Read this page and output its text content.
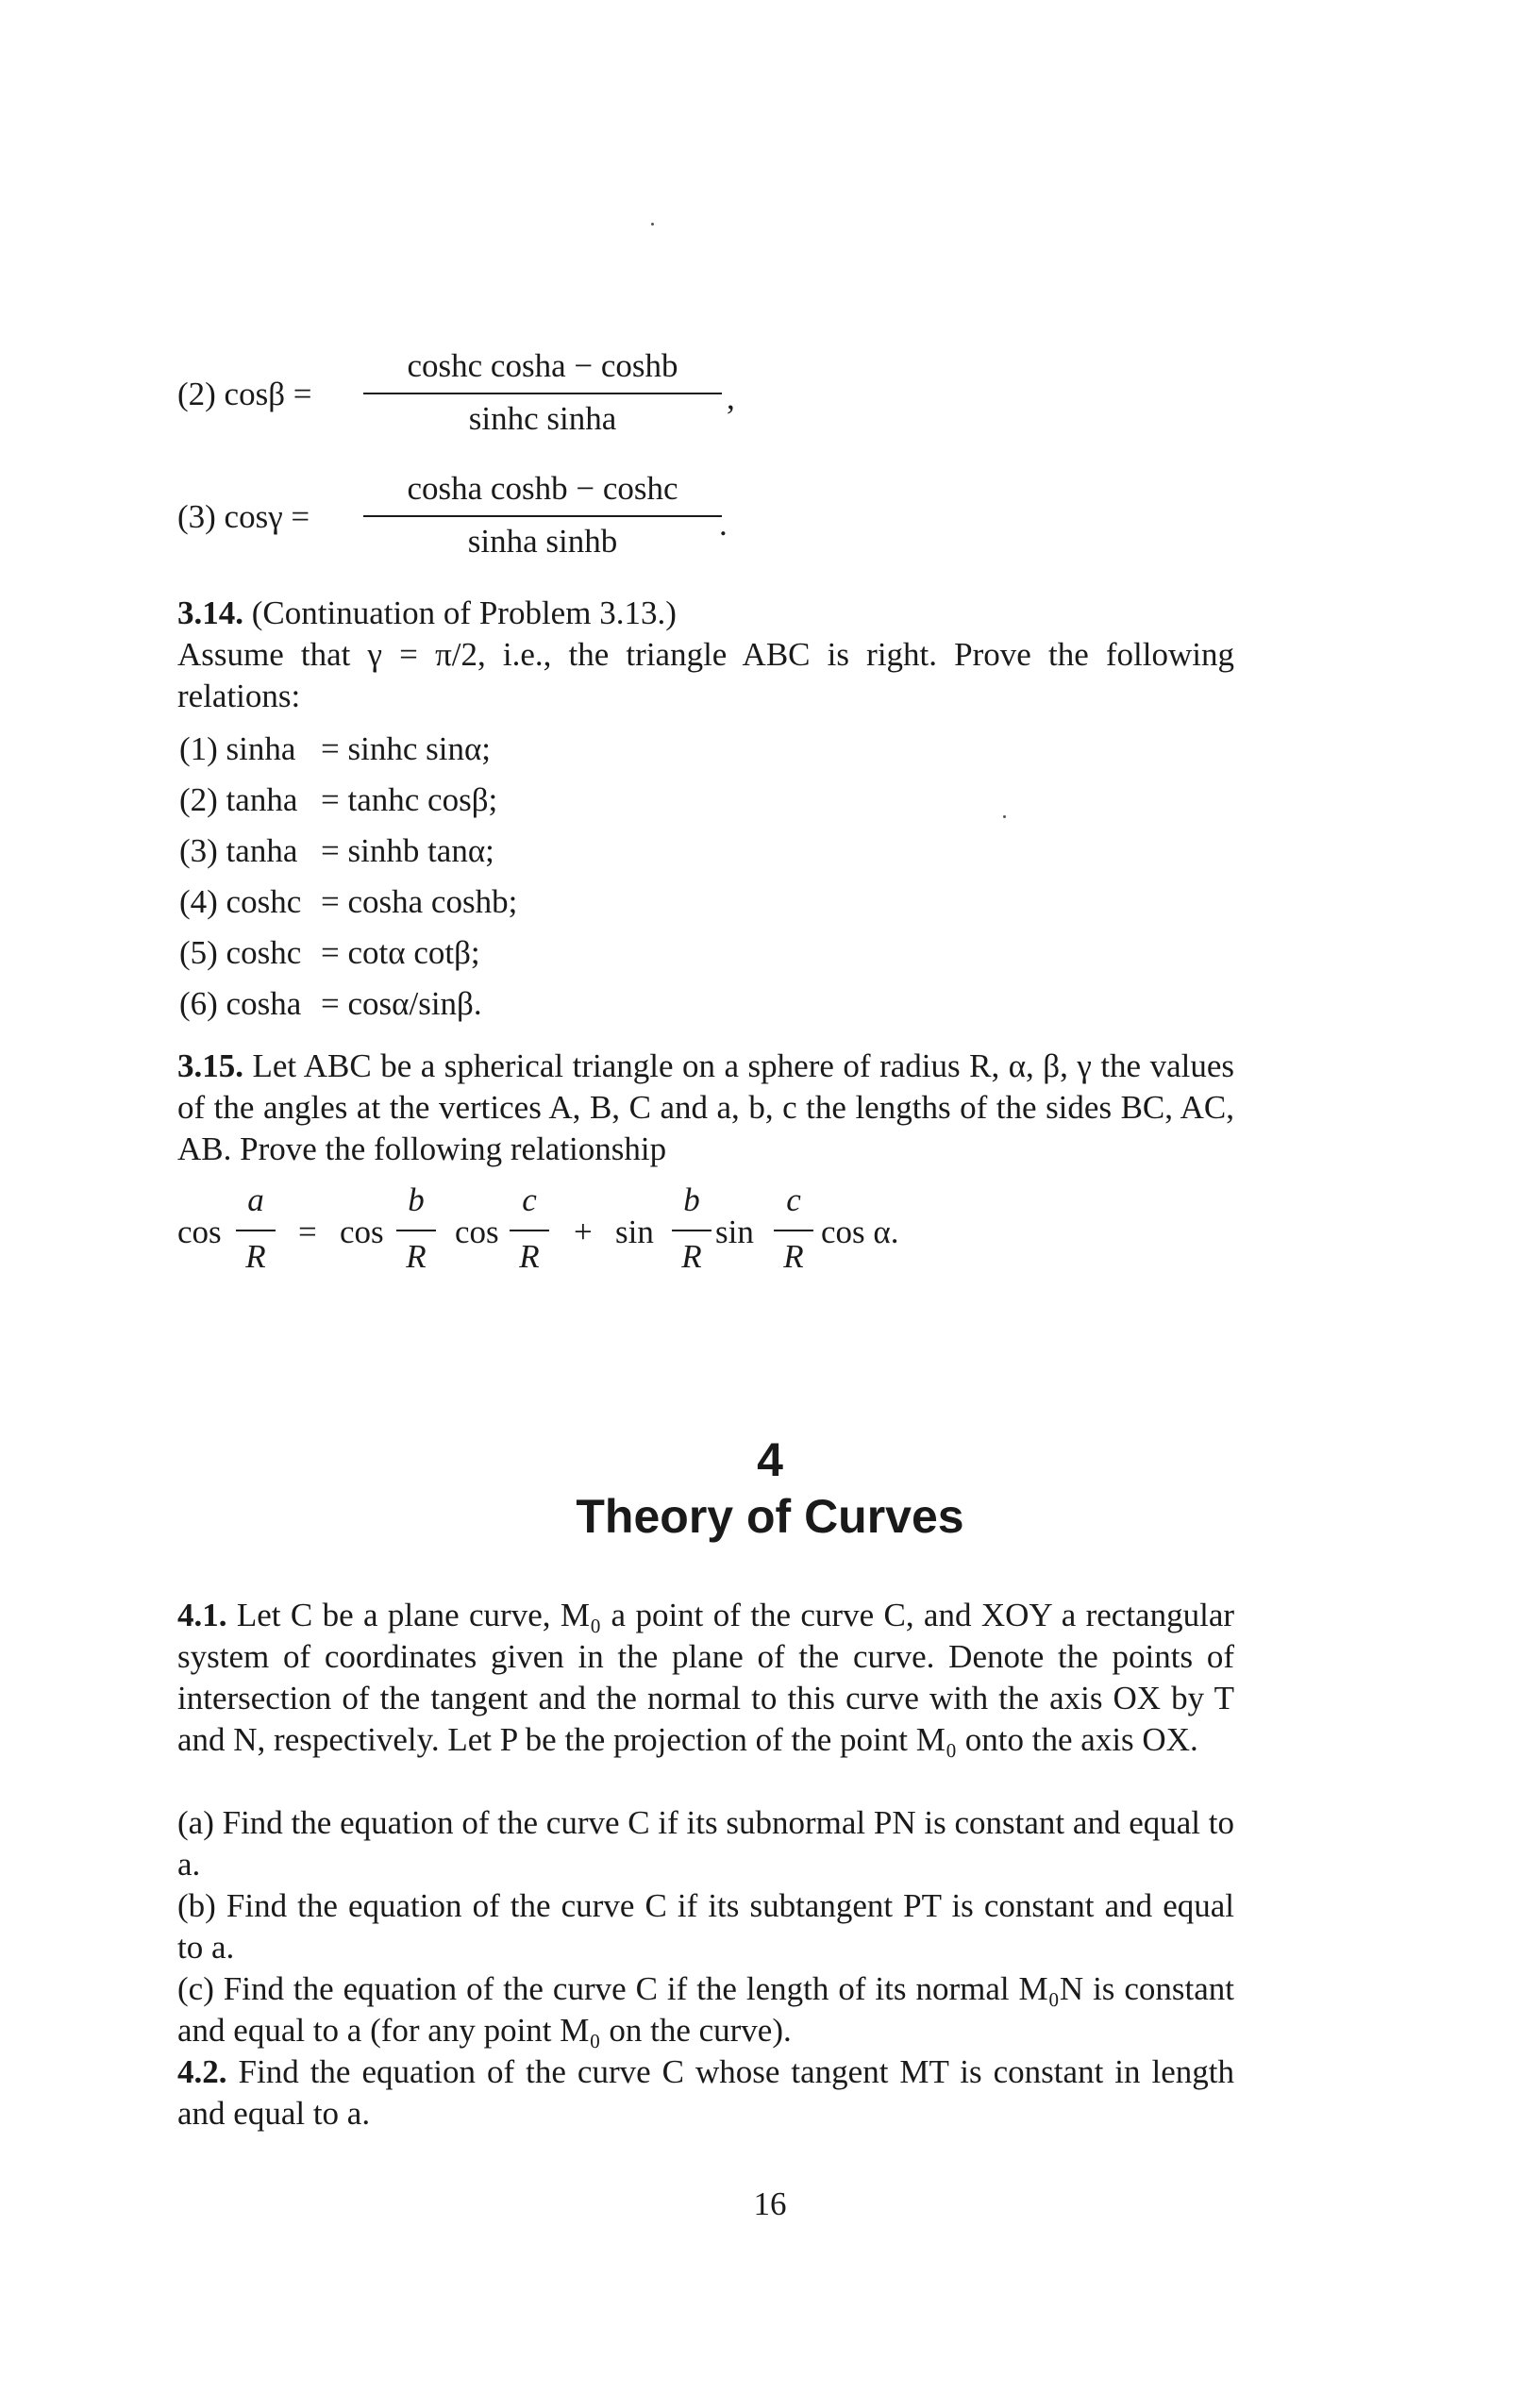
(2) cosβ =
coshc cosha − coshb
sinhc sinha
,
(3) cosγ =
cosha coshb − coshc
sinha sinhb	.
3.14. (Continuation of Problem 3.13.)
Assume that γ = π/2, i.e., the triangle ABC is right. Prove the following relations:
(1) sinha = sinhc sinα;
(2) tanha = tanhc cosβ;
(3) tanha = sinhb tanα;
(4) coshc = cosha coshb;
(5) coshc = cotα cotβ;
(6) cosha = cosα/sinβ.
3.15. Let ABC be a spherical triangle on a sphere of radius R, α, β, γ the values of the angles at the vertices A, B, C and a, b, c the lengths of the sides BC, AC, AB. Prove the following relationship
cos
a
R
= cos
b
R
cos
c
R
+ sin
b
R
sin
c
R
cos α.
4
Theory of Curves
4.1. Let C be a plane curve, M₀ a point of the curve C, and XOY a rectangular system of coordinates given in the plane of the curve. Denote the points of intersection of the tangent and the normal to this curve with the axis OX by T and N, respectively. Let P be the projection of the point M₀ onto the axis OX.
(a) Find the equation of the curve C if its subnormal PN is constant and equal to a.
(b) Find the equation of the curve C if its subtangent PT is constant and equal to a.
(c) Find the equation of the curve C if the length of its normal M₀N is constant and equal to a (for any point M₀ on the curve).
4.2. Find the equation of the curve C whose tangent MT is constant in length and equal to a.
16
